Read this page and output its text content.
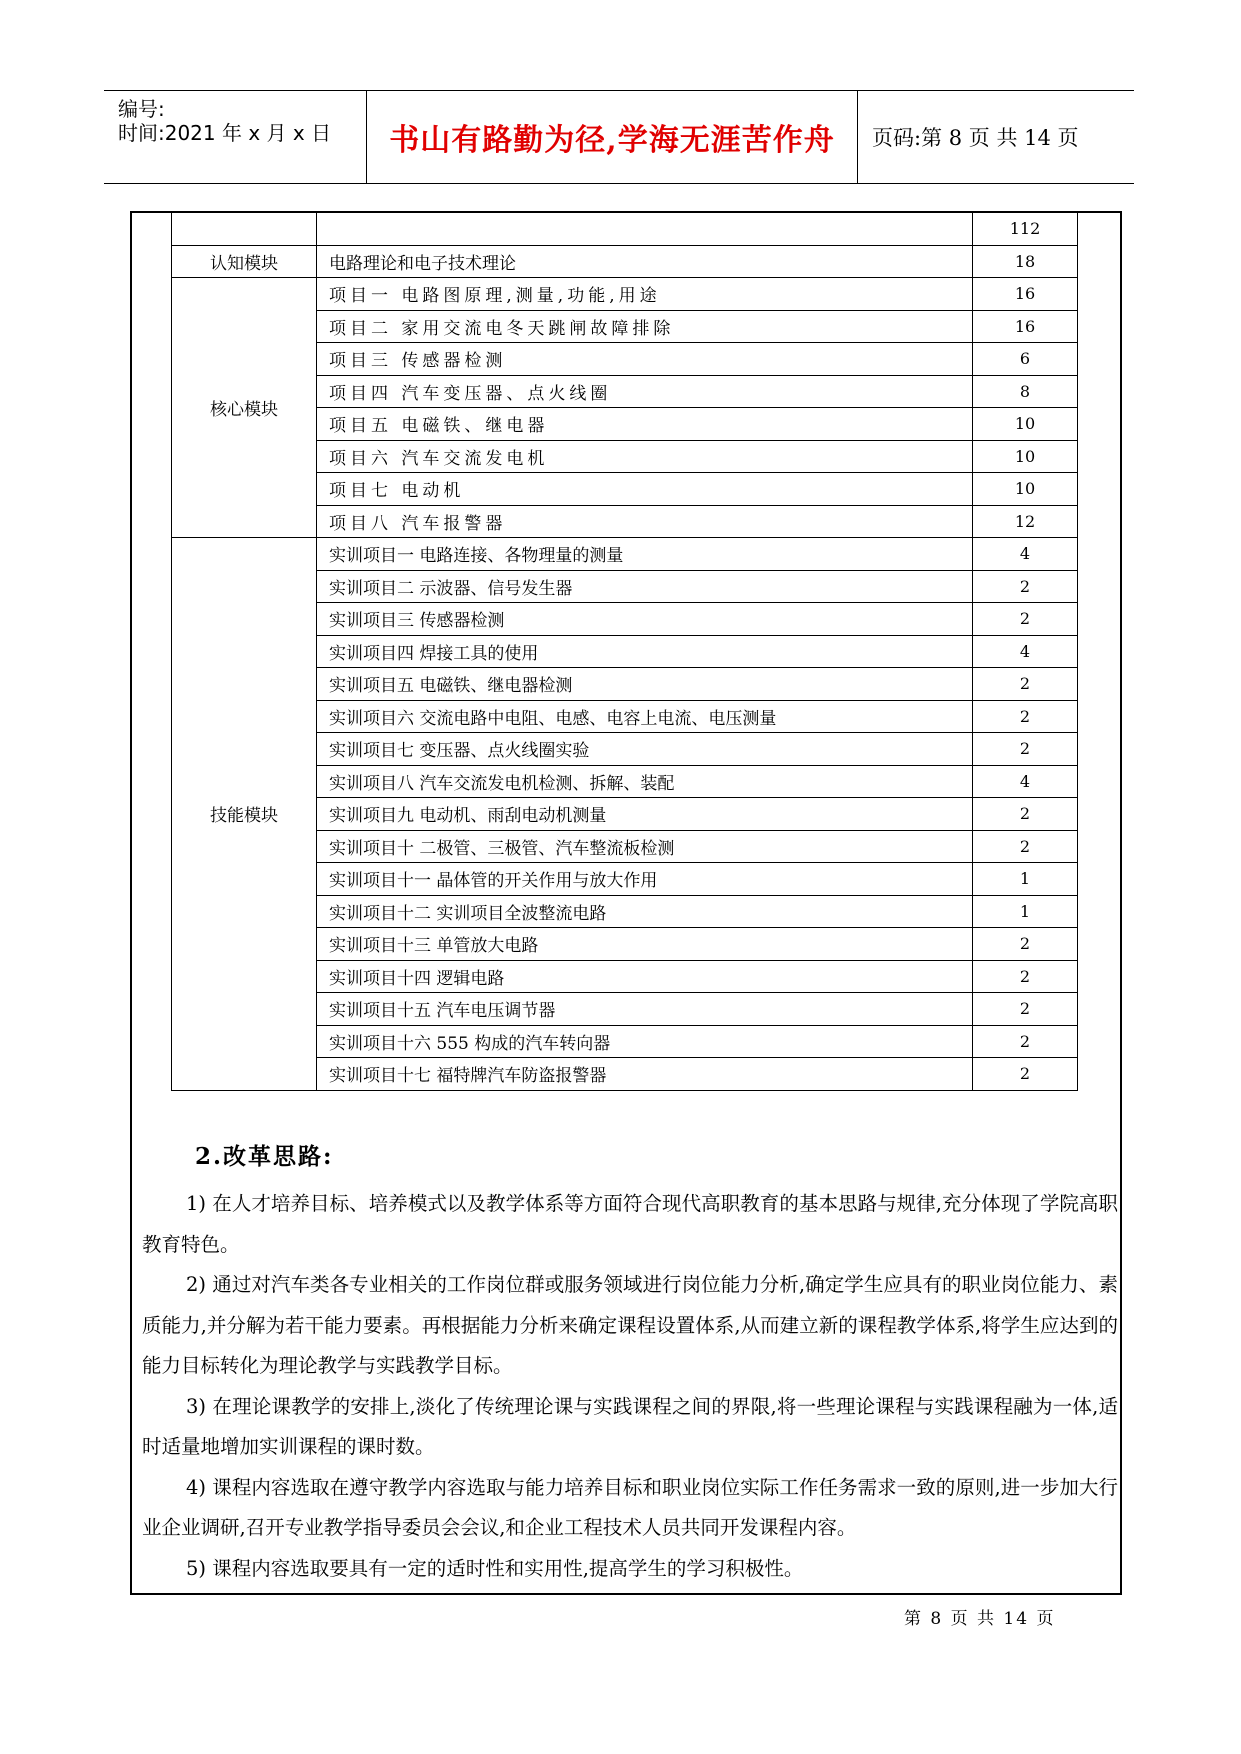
编号:
时间:2021 年 x 月 x 日	书山有路勤为径,学海无涯苦作舟	页码:第 8 页 共 14 页
		112
认知模块	电路理论和电子技术理论	18
核心模块	项目一 电路图原理,测量,功能,用途	16
	项目二 家用交流电冬天跳闸故障排除	16
	项目三 传感器检测	6
	项目四 汽车变压器、点火线圈	8
	项目五 电磁铁、继电器	10
	项目六 汽车交流发电机	10
	项目七 电动机	10
	项目八 汽车报警器	12
技能模块	实训项目一 电路连接、各物理量的测量	4
	实训项目二 示波器、信号发生器	2
	实训项目三 传感器检测	2
	实训项目四 焊接工具的使用	4
	实训项目五 电磁铁、继电器检测	2
	实训项目六 交流电路中电阻、电感、电容上电流、电压测量	2
	实训项目七 变压器、点火线圈实验	2
	实训项目八 汽车交流发电机检测、拆解、装配	4
	实训项目九 电动机、雨刮电动机测量	2
	实训项目十 二极管、三极管、汽车整流板检测	2
	实训项目十一 晶体管的开关作用与放大作用	1
	实训项目十二 实训项目全波整流电路	1
	实训项目十三 单管放大电路	2
	实训项目十四 逻辑电路	2
	实训项目十五 汽车电压调节器	2
	实训项目十六 555 构成的汽车转向器	2
	实训项目十七 福特牌汽车防盗报警器	2
2.改革思路:

1) 在人才培养目标、培养模式以及教学体系等方面符合现代高职教育的基本思路与规律,充分体现了学院高职教育特色。

2) 通过对汽车类各专业相关的工作岗位群或服务领域进行岗位能力分析,确定学生应具有的职业岗位能力、素质能力,并分解为若干能力要素。再根据能力分析来确定课程设置体系,从而建立新的课程教学体系,将学生应达到的能力目标转化为理论教学与实践教学目标。

3) 在理论课教学的安排上,淡化了传统理论课与实践课程之间的界限,将一些理论课程与实践课程融为一体,适时适量地增加实训课程的课时数。

4) 课程内容选取在遵守教学内容选取与能力培养目标和职业岗位实际工作任务需求一致的原则,进一步加大行业企业调研,召开专业教学指导委员会会议,和企业工程技术人员共同开发课程内容。

5) 课程内容选取要具有一定的适时性和实用性,提高学生的学习积极性。

第 8 页 共 14 页
